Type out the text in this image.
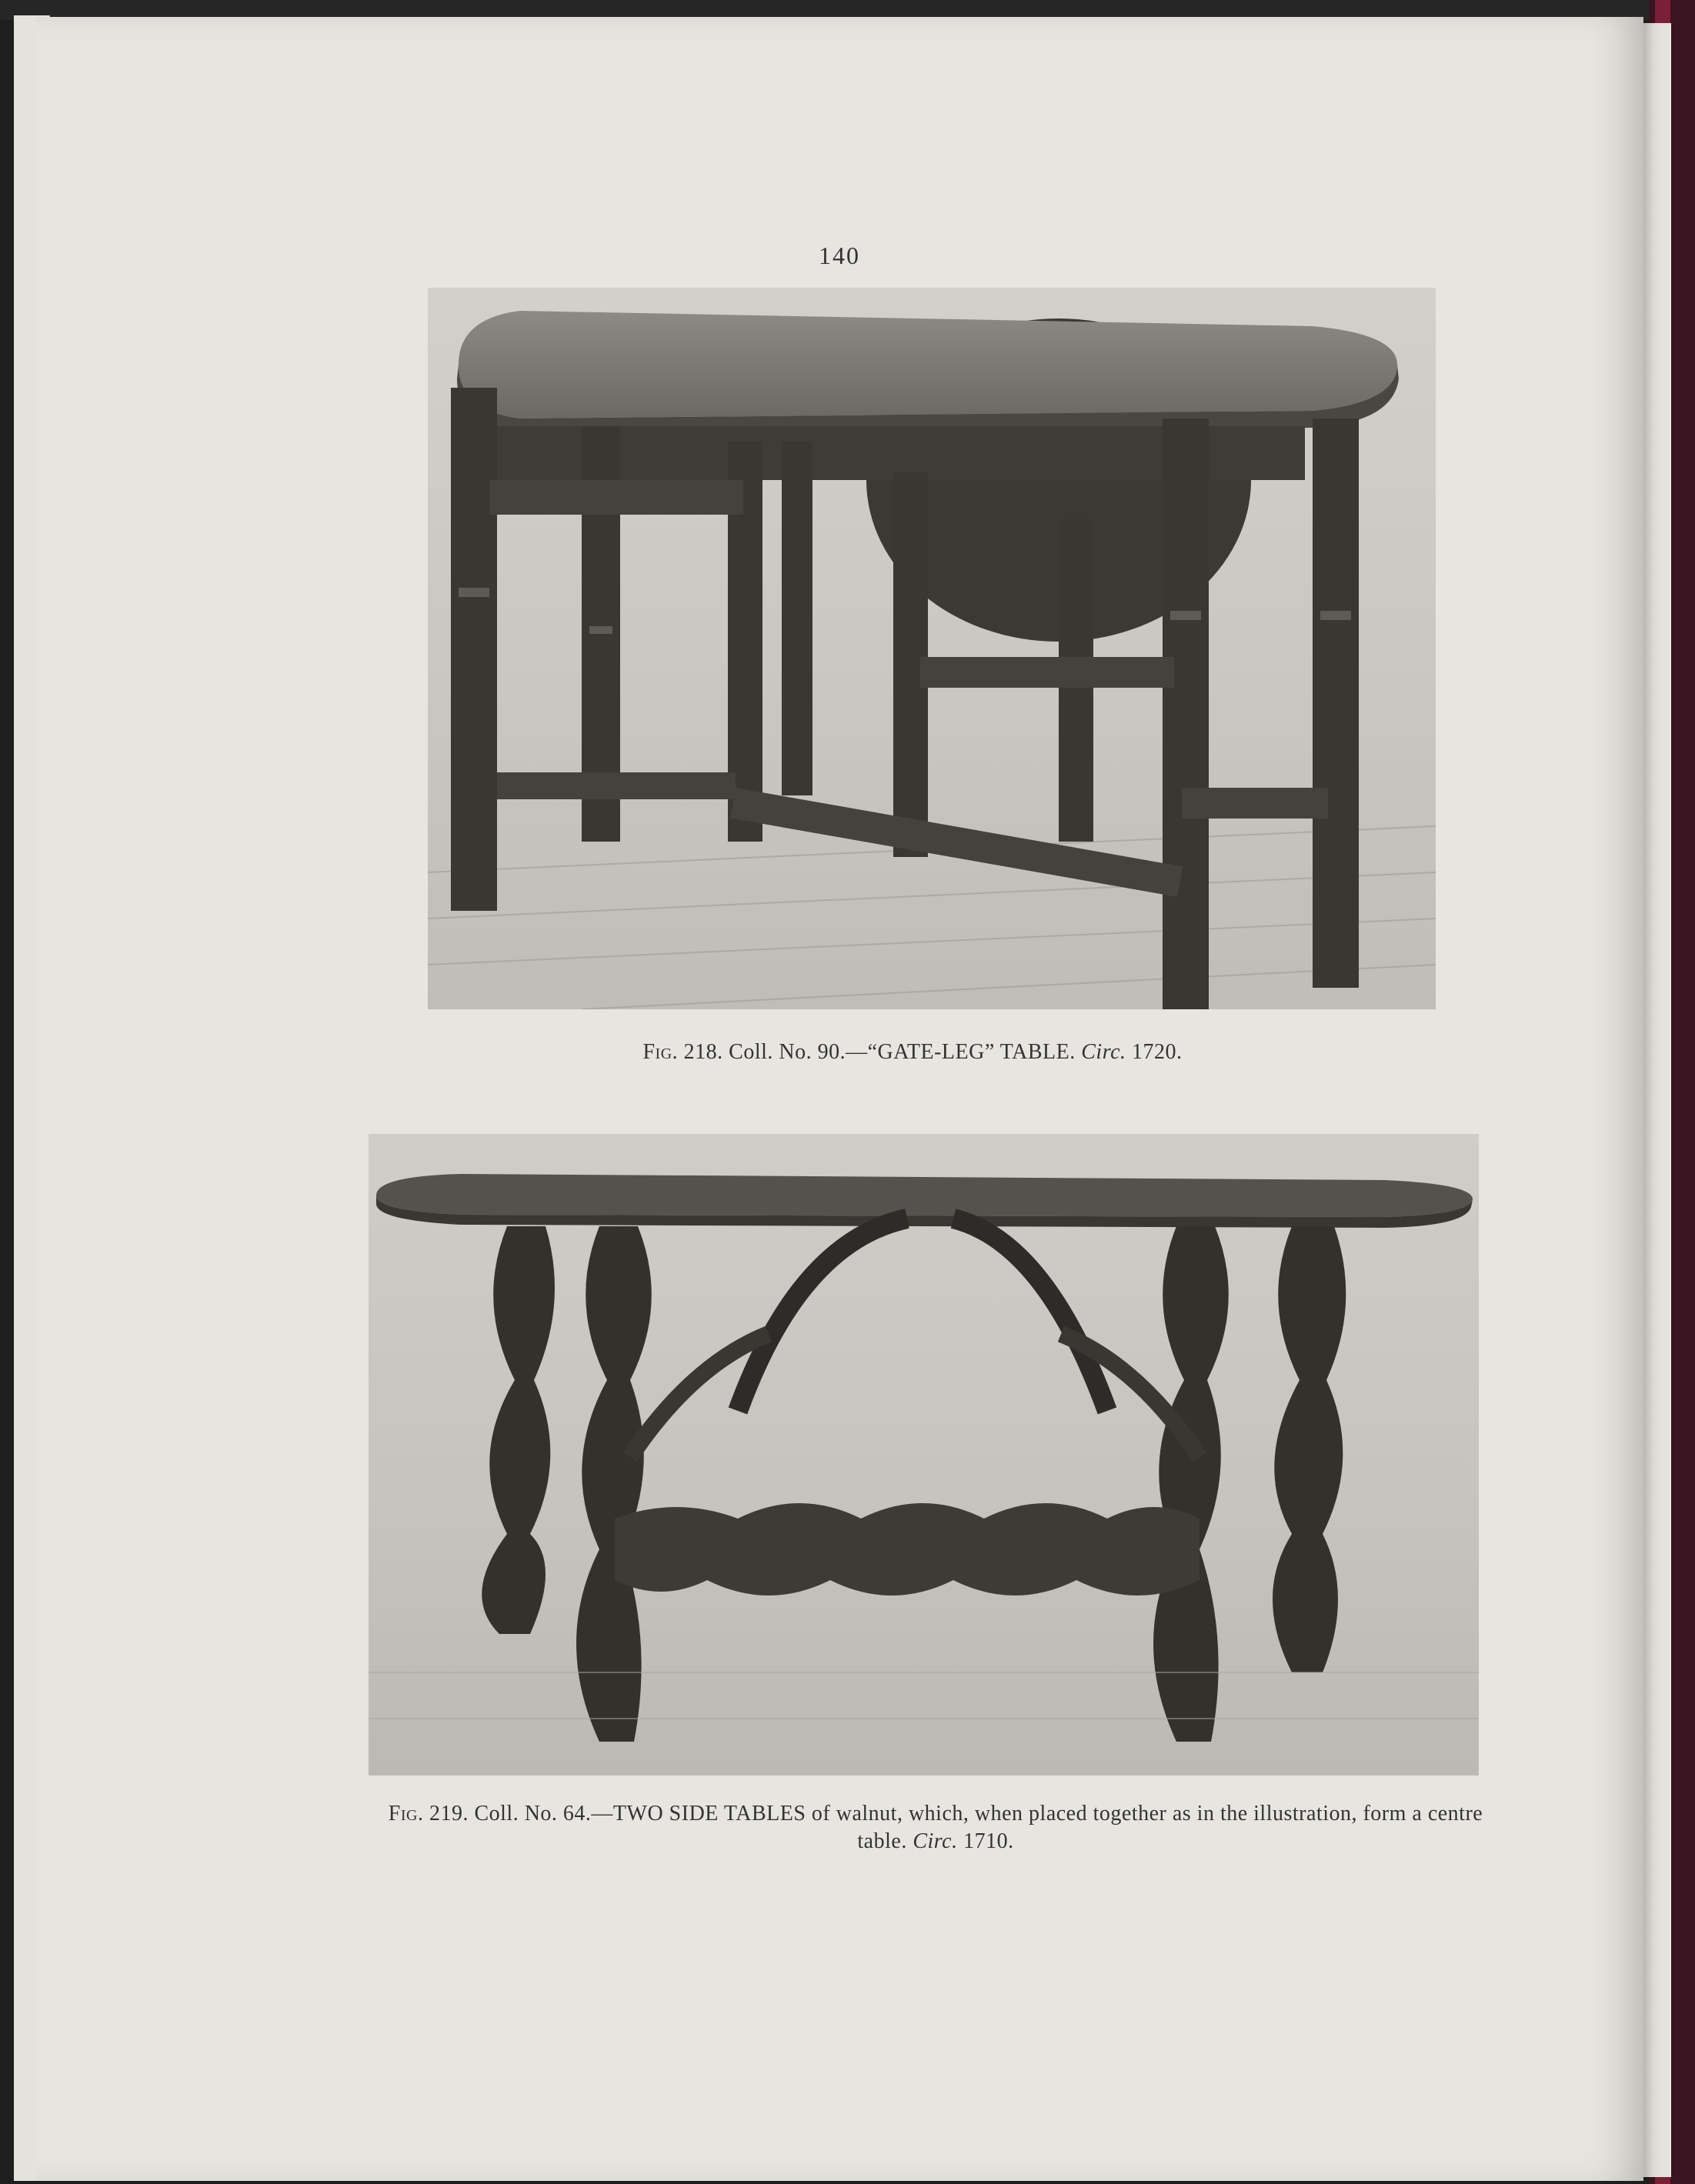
140
Fig. 218. Coll. No. 90.—“GATE-LEG” TABLE. Circ. 1720.
Fig. 219. Coll. No. 64.—TWO SIDE TABLES of walnut, which, when placed together as in the illustration, form a centre table. Circ. 1710.
